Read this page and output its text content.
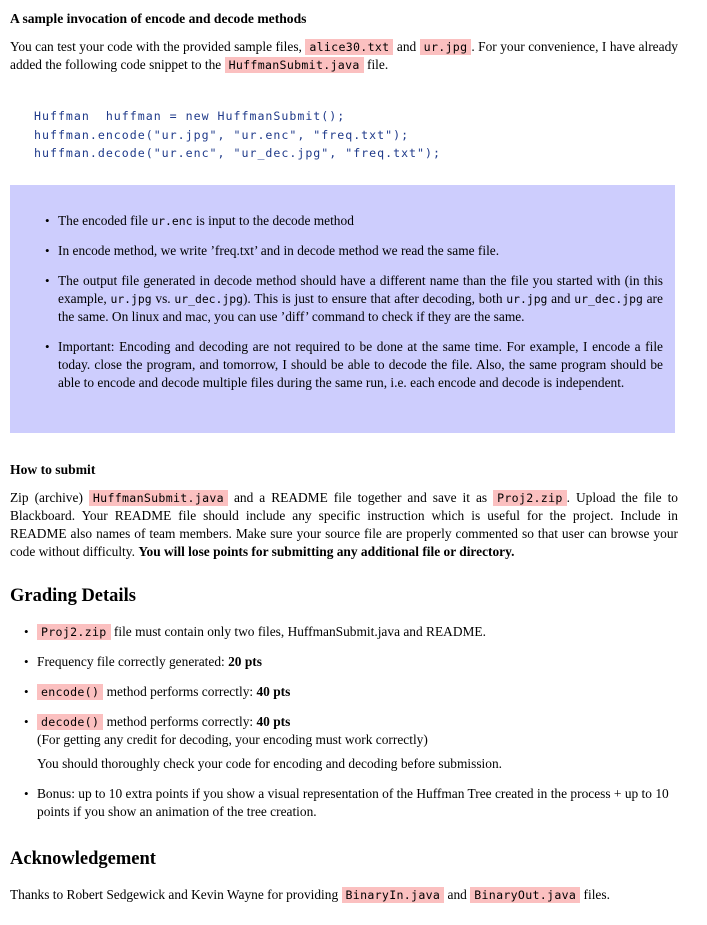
A sample invocation of encode and decode methods

You can test your code with the provided sample files, alice30.txt and ur.jpg . For your convenience, I have already added the following code snippet to the HuffmanSubmit.java file.

Huffman  huffman = new HuffmanSubmit();
huffman.encode("ur.jpg", "ur.enc", "freq.txt");
huffman.decode("ur.enc", "ur_dec.jpg", "freq.txt");
• The encoded file ur.enc is input to the decode method
• In encode method, we write ’freq.txt’ and in decode method we read the same file.
• The output file generated in decode method should have a different name than the file you started with (in this example, ur.jpg vs. ur_dec.jpg). This is just to ensure that after decoding, both ur.jpg and ur_dec.jpg are the same. On linux and mac, you can use ’diff’ command to check if they are the same.
• Important: Encoding and decoding are not required to be done at the same time. For example, I encode a file today. close the program, and tomorrow, I should be able to decode the file. Also, the same program should be able to encode and decode multiple files during the same run, i.e. each encode and decode is independent.
How to submit

Zip (archive) HuffmanSubmit.java and a README file together and save it as Proj2.zip . Upload the file to Blackboard. Your README file should include any specific instruction which is useful for the project. Include in README also names of team members. Make sure your source file are properly commented so that user can browse your code without difficulty. You will lose points for submitting any additional file or directory.

Grading Details
• Proj2.zip file must contain only two files, HuffmanSubmit.java and README.
• Frequency file correctly generated: 20 pts
• encode() method performs correctly: 40 pts
• decode() method performs correctly: 40 pts
(For getting any credit for decoding, your encoding must work correctly)
You should thoroughly check your code for encoding and decoding before submission.
• Bonus: up to 10 extra points if you show a visual representation of the Huffman Tree created in the process + up to 10 points if you show an animation of the tree creation.
Acknowledgement

Thanks to Robert Sedgewick and Kevin Wayne for providing BinaryIn.java and BinaryOut.java files.
